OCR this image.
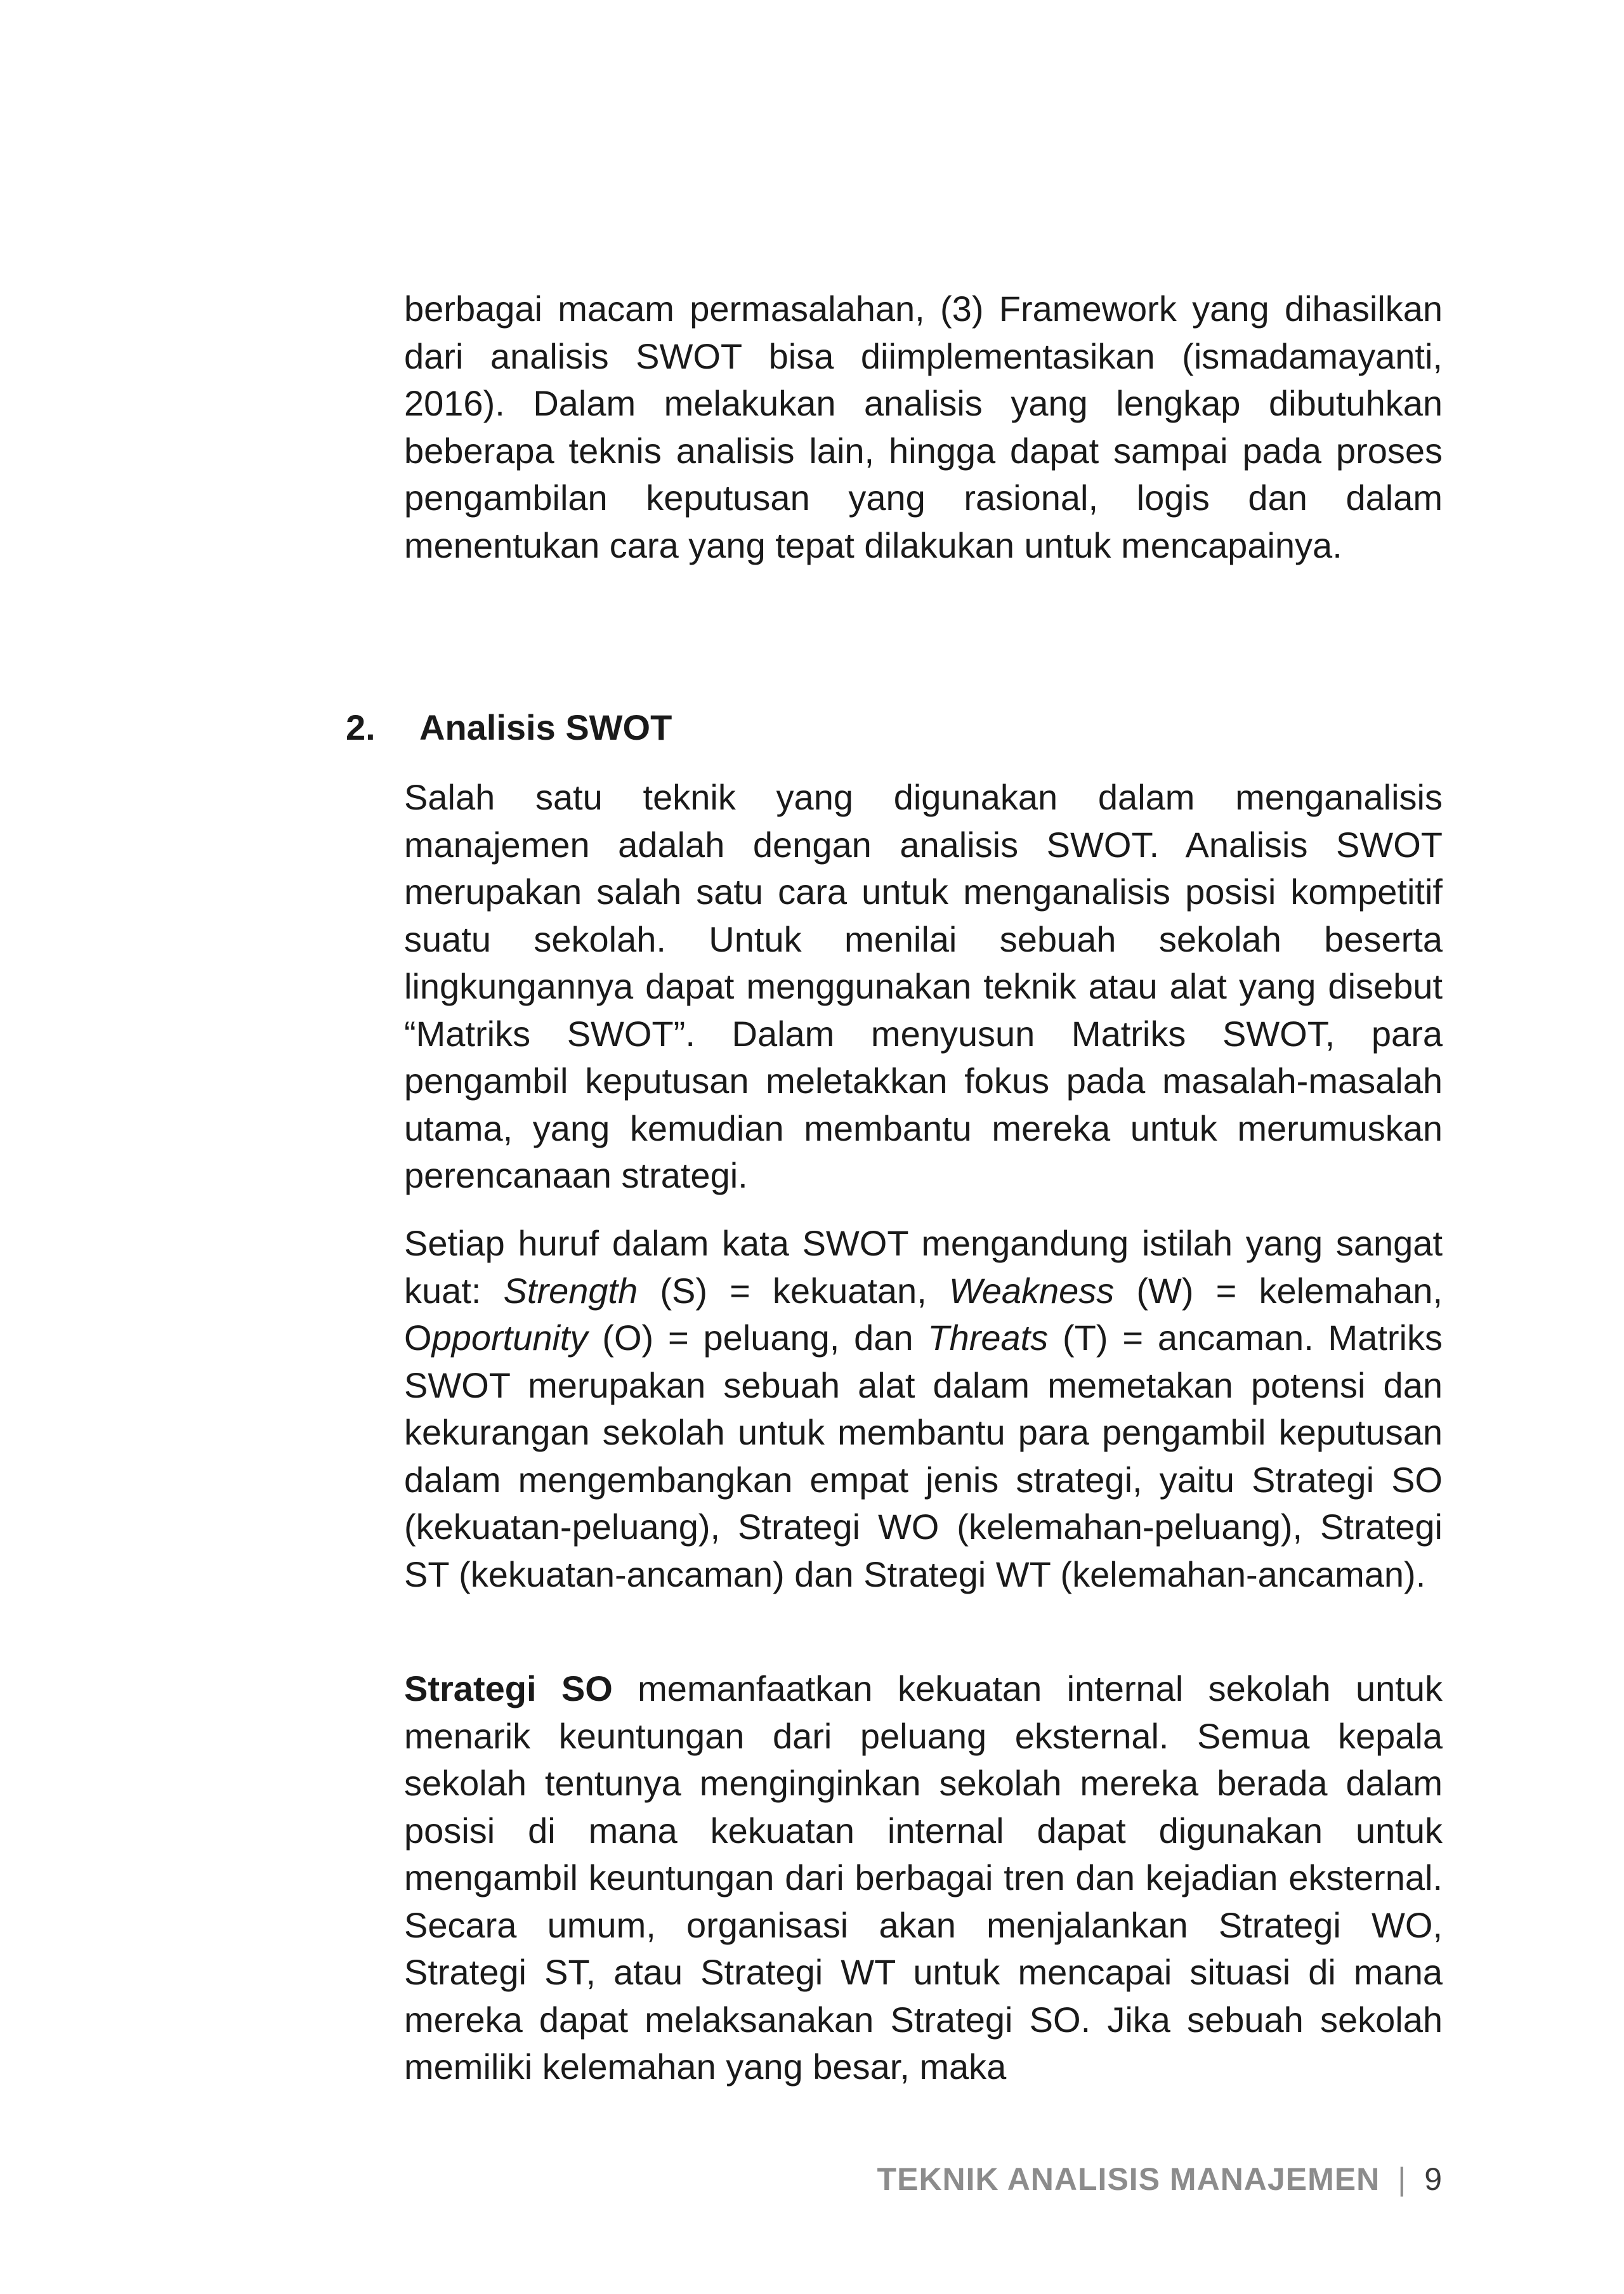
berbagai macam permasalahan, (3) Framework yang dihasilkan dari analisis SWOT bisa diimplementasikan (ismadamayanti, 2016). Dalam melakukan analisis yang lengkap dibutuhkan beberapa teknis analisis lain, hingga dapat sampai pada proses pengambilan keputusan yang rasional, logis dan dalam menentukan cara yang tepat dilakukan untuk mencapainya.

2. Analisis SWOT

Salah satu teknik yang digunakan dalam menganalisis manajemen adalah dengan analisis SWOT. Analisis SWOT merupakan salah satu cara untuk menganalisis posisi kompetitif suatu sekolah. Untuk menilai sebuah sekolah beserta lingkungannya dapat menggunakan teknik atau alat yang disebut “Matriks SWOT”. Dalam menyusun Matriks SWOT, para pengambil keputusan meletakkan fokus pada masalah-masalah utama, yang kemudian membantu mereka untuk merumuskan perencanaan strategi.

Setiap huruf dalam kata SWOT mengandung istilah yang sangat kuat: Strength (S) = kekuatan, Weakness (W) = kelemahan, Opportunity (O) = peluang, dan Threats (T) = ancaman. Matriks SWOT merupakan sebuah alat dalam memetakan potensi dan kekurangan sekolah untuk membantu para pengambil keputusan dalam mengembangkan empat jenis strategi, yaitu Strategi SO (kekuatan-peluang), Strategi WO (kelemahan-peluang), Strategi ST (kekuatan-ancaman) dan Strategi WT (kelemahan-ancaman).

Strategi SO memanfaatkan kekuatan internal sekolah untuk menarik keuntungan dari peluang eksternal. Semua kepala sekolah tentunya menginginkan sekolah mereka berada dalam posisi di mana kekuatan internal dapat digunakan untuk mengambil keuntungan dari berbagai tren dan kejadian eksternal. Secara umum, organisasi akan menjalankan Strategi WO, Strategi ST, atau Strategi WT untuk mencapai situasi di mana mereka dapat melaksanakan Strategi SO. Jika sebuah sekolah memiliki kelemahan yang besar, maka

TEKNIK ANALISIS MANAJEMEN | 9
